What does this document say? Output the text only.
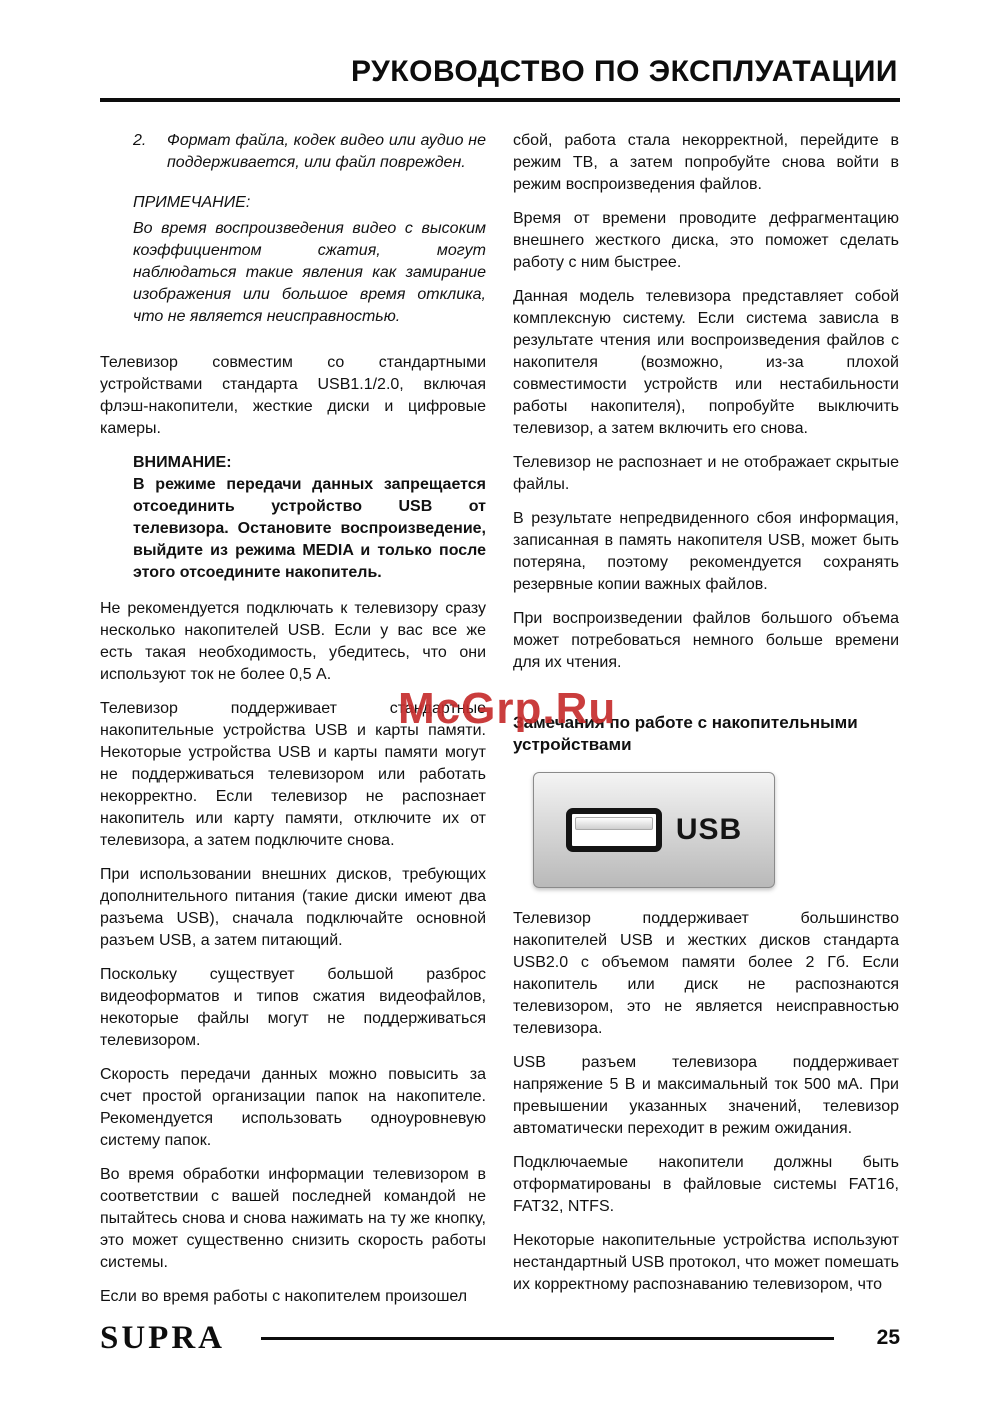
РУКОВОДСТВО ПО ЭКСПЛУАТАЦИИ
2.	Формат файла, кодек видео или аудио не поддерживается, или файл поврежден.
ПРИМЕЧАНИЕ:
Во время воспроизведения видео с высоким коэффициентом сжатия, могут наблюдаться такие явления как замирание изображения или большое время отклика, что не является неисправностью.

Телевизор совместим со стандартными устройствами стандарта USB1.1/2.0, включая флэш-накопители, жесткие диски и цифровые камеры.

ВНИМАНИЕ:
В режиме передачи данных запрещается отсоединить устройство USB от телевизора. Остановите воспроизведение, выйдите из режима MEDIA и только после этого отсоедините накопитель.

Не рекомендуется подключать к телевизору сразу несколько накопителей USB. Если у вас все же есть такая необходимость, убедитесь, что они используют ток не более 0,5 А.

Телевизор поддерживает стандартные накопительные устройства USB и карты памяти. Некоторые устройства USB и карты памяти могут не поддерживаться телевизором или работать некорректно. Если телевизор не распознает накопитель или карту памяти, отключите их от телевизора, а затем подключите снова.

При использовании внешних дисков, требующих дополнительного питания (такие диски имеют два разъема USB), сначала подключайте основной разъем USB, а затем питающий.

Поскольку существует большой разброс видеоформатов и типов сжатия видеофайлов, некоторые файлы могут не поддерживаться телевизором.

Скорость передачи данных можно повысить за счет простой организации папок на накопителе. Рекомендуется использовать одноуровневую систему папок.

Во время обработки информации телевизором в соответствии с вашей последней командой не пытайтесь снова и снова нажимать на ту же кнопку, это может существенно снизить скорость работы системы.

Если во время работы с накопителем произошел

сбой, работа стала некорректной, перейдите в режим ТВ, а затем попробуйте снова войти в режим воспроизведения файлов.

Время от времени проводите дефрагментацию внешнего жесткого диска, это поможет сделать работу с ним быстрее.

Данная модель телевизора представляет собой комплексную систему. Если система зависла в результате чтения или воспроизведения файлов с накопителя (возможно, из-за плохой совместимости устройств или нестабильности работы накопителя), попробуйте выключить телевизор, а затем включить его снова.

Телевизор не распознает и не отображает скрытые файлы.

В результате непредвиденного сбоя информация, записанная в память накопителя USB, может быть потеряна, поэтому рекомендуется сохранять резервные копии важных файлов.

При воспроизведении файлов большого объема может потребоваться немного больше времени для их чтения.

Замечания по работе с накопительными устройствами
USB

Телевизор поддерживает большинство накопителей USB и жестких дисков стандарта USB2.0 с объемом памяти более 2 Гб. Если накопитель или диск не распознаются телевизором, это не является неисправностью телевизора.

USB разъем телевизора поддерживает напряжение 5 В и максимальный ток 500 мА. При превышении указанных значений, телевизор автоматически переходит в режим ожидания.

Подключаемые накопители должны быть отформатированы в файловые системы FAT16, FAT32, NTFS.

Некоторые накопительные устройства используют нестандартный USB протокол, что может помешать их корректному распознаванию телевизором, что

McGrp.Ru
SUPRA	25
